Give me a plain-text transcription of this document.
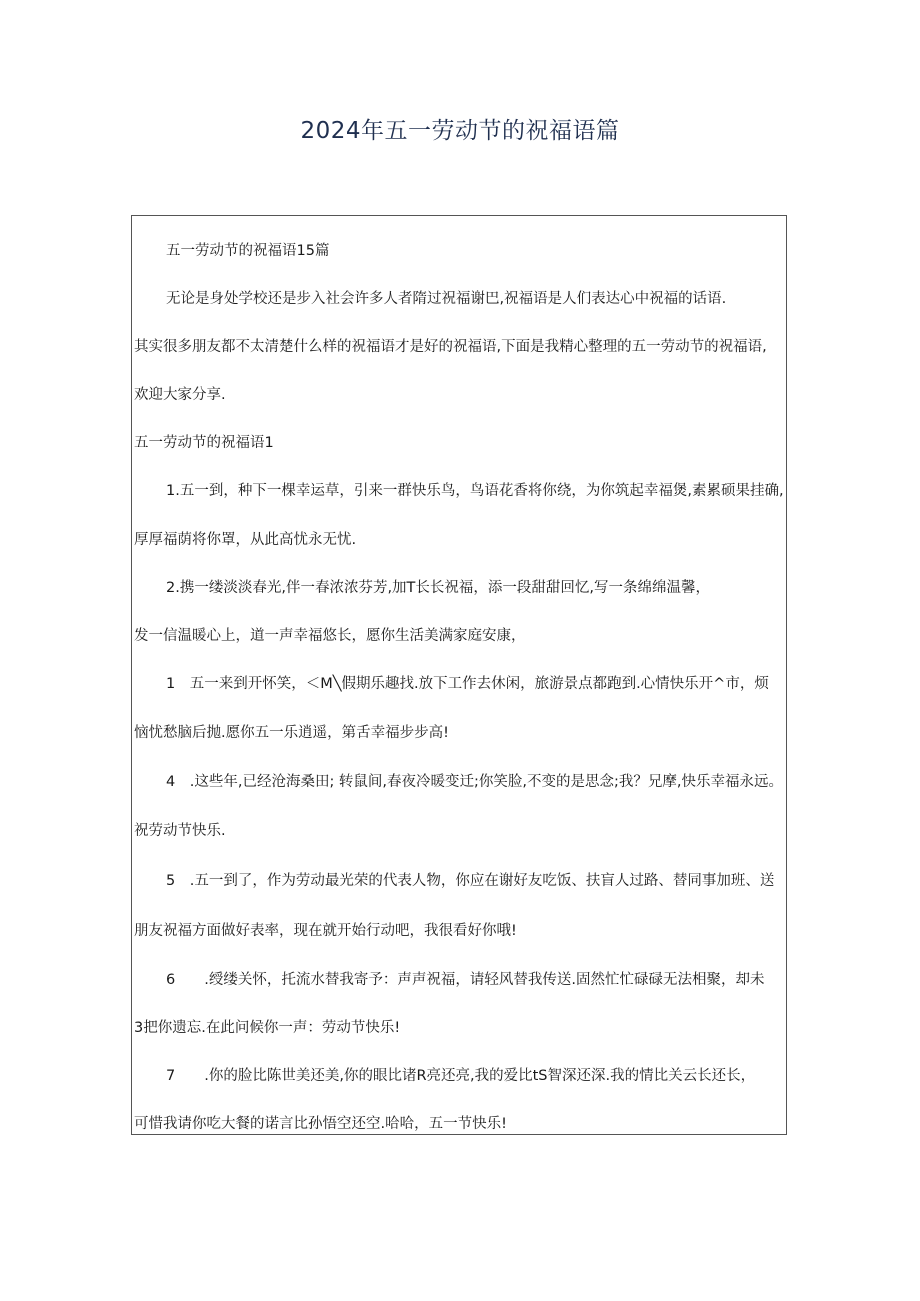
2024年五一劳动节的祝福语篇
五一劳动节的祝福语15篇
无论是身处学校还是步入社会许多人者隋过祝福谢巴,祝福语是人们表达心中祝福的话语.
其实很多朋友都不太清楚什么样的祝福语才是好的祝福语,下面是我精心整理的五一劳动节的祝福语,
欢迎大家分享.
五一劳动节的祝福语1
1.五一到，种下一棵幸运草，引来一群快乐鸟，鸟语花香将你绕，为你筑起幸福煲,素累硕果挂确,
厚厚福荫将你罩，从此高忧永无忧.
2.携一缕淡淡春光,伴一春浓浓芬芳,加T长长祝福，添一段甜甜回忆,写一条绵绵温馨，
发一信温暖心上，道一声幸福悠长，愿你生活美满家庭安康，
1　五一来到开怀笑，＜M╲假期乐趣找.放下工作去休闲，旅游景点都跑到.心情快乐开^市，烦
恼忧愁脑后抛.愿你五一乐逍遥，第舌幸福步步高!
4　.这些年,已经沧海桑田; 转鼠间,春夜冷暖变迁;你笑脸,不变的是思念;我？兄摩,快乐幸福永远。
祝劳动节快乐.
5　.五一到了，作为劳动最光荣的代表人物，你应在谢好友吃饭、扶盲人过路、替同事加班、送
朋友祝福方面做好表率，现在就开始行动吧，我很看好你哦!
6　　.绶缕关怀，托流水替我寄予：声声祝福，请轻风替我传送.固然忙忙碌碌无法相聚，却未
3把你遗忘.在此问候你一声：劳动节快乐!
7　　.你的脸比陈世美还美,你的眼比诸R亮还亮,我的爱比tS智深还深.我的情比关云长还长，
可惜我请你吃大餐的诺言比孙悟空还空.哈哈，五一节快乐!
